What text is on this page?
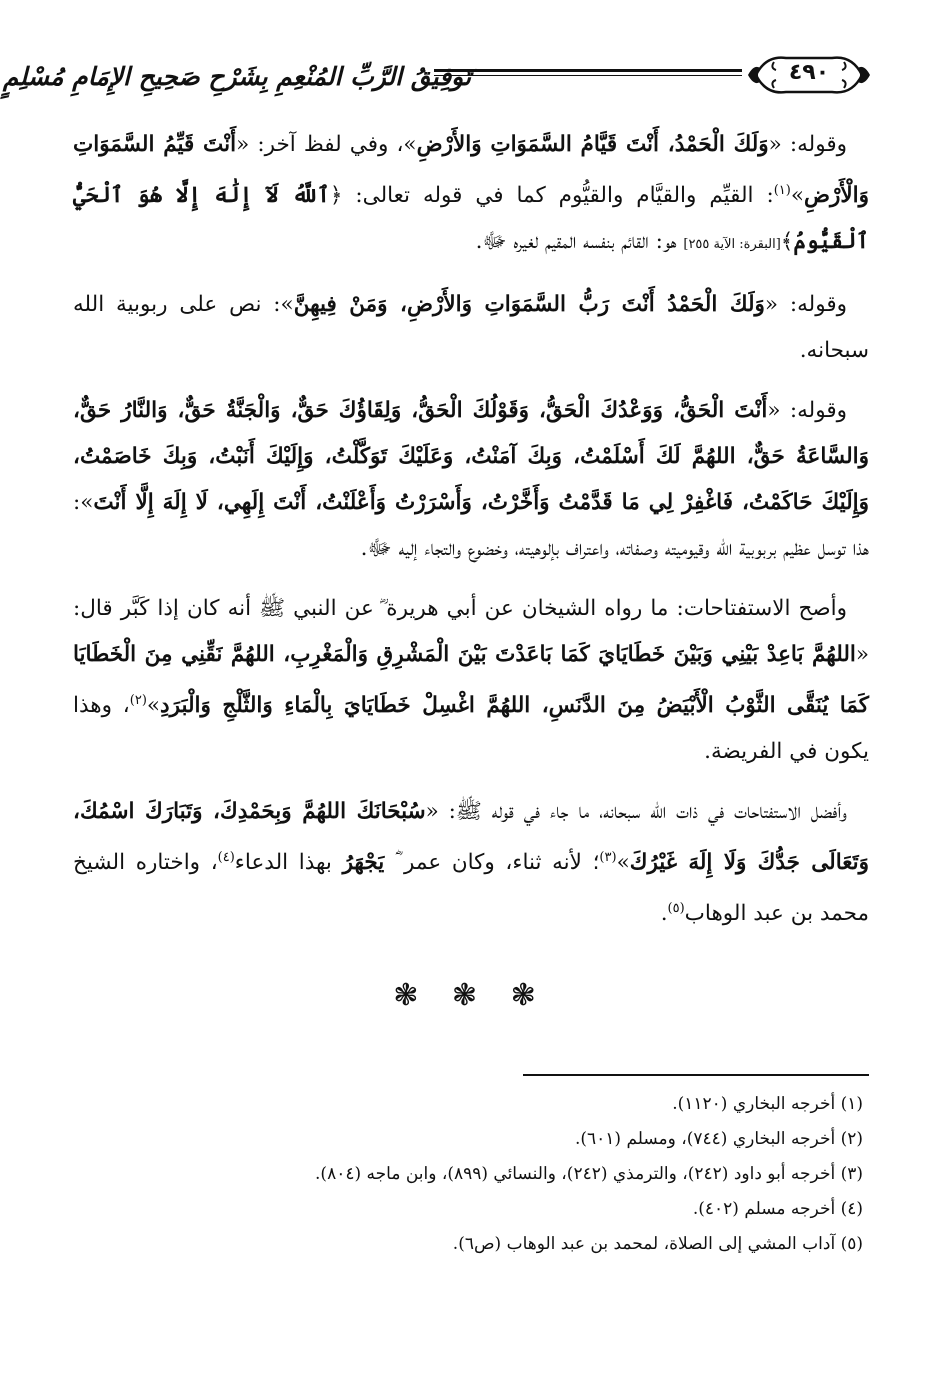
٤٩٠
تَوفِيقُ الرَّبِّ المُنْعِمِ بِشَرْحِ صَحِيحِ الإِمَامِ مُسْلِمٍ

وقوله: «وَلَكَ الْحَمْدُ، أَنْتَ قَيَّامُ السَّمَوَاتِ وَالأَرْضِ»، وفي لفظ آخر: «أَنْتَ قَيِّمُ السَّمَوَاتِ وَالْأَرْضِ»$^{(١)}$: القيِّم والقيَّام والقيُّوم كما في قوله تعالى: ﴿ٱللَّهُ لَآ إِلَٰهَ إِلَّا هُوَ ٱلْحَيُّ ٱلْقَيُّومُ﴾[البقرة: الآية ٢٥٥] هو: القائم بنفسه المقيم لغيره ﷻ.

وقوله: «وَلَكَ الْحَمْدُ أَنْتَ رَبُّ السَّمَوَاتِ وَالأَرْضِ، وَمَنْ فِيهِنَّ»: نص على ربوبية الله سبحانه.

وقوله: «أَنْتَ الْحَقُّ، وَوَعْدُكَ الْحَقُّ، وَقَوْلُكَ الْحَقُّ، وَلِقَاؤُكَ حَقٌّ، وَالْجَنَّةُ حَقٌّ، وَالنَّارُ حَقٌّ، وَالسَّاعَةُ حَقٌّ، اللهُمَّ لَكَ أَسْلَمْتُ، وَبِكَ آمَنْتُ، وَعَلَيْكَ تَوَكَّلْتُ، وَإِلَيْكَ أَنَبْتُ، وَبِكَ خَاصَمْتُ، وَإِلَيْكَ حَاكَمْتُ، فَاغْفِرْ لِي مَا قَدَّمْتُ وَأَخَّرْتُ، وَأَسْرَرْتُ وَأَعْلَنْتُ، أَنْتَ إِلَهِي، لَا إِلَهَ إِلَّا أَنْتَ»: هذا توسل عظيم بربوبية الله وقيوميته وصفاته، واعتراف بإلوهيته، وخضوع والتجاء إليه ﷻ.

وأصح الاستفتاحات: ما رواه الشيخان عن أبي هريرة ؓ عن النبي ﷺ أنه كان إذا كَبَّر قال: «اللهُمَّ بَاعِدْ بَيْنِي وَبَيْنَ خَطَايَايَ كَمَا بَاعَدْتَ بَيْنَ الْمَشْرِقِ وَالْمَغْرِبِ، اللهُمَّ نَقِّنِي مِنَ الْخَطَايَا كَمَا يُنَقَّى الثَّوْبُ الْأَبْيَضُ مِنَ الدَّنَسِ، اللهُمَّ اغْسِلْ خَطَايَايَ بِالْمَاءِ وَالثَّلْجِ وَالْبَرَدِ»$^{(٢)}$، وهذا يكون في الفريضة.

وأفضل الاستفتاحات في ذات الله سبحانه، ما جاء في قوله ﷺ: «سُبْحَانَكَ اللهُمَّ وَبِحَمْدِكَ، وَتَبَارَكَ اسْمُكَ، وَتَعَالَى جَدُّكَ وَلَا إِلَهَ غَيْرُكَ»$^{(٣)}$؛ لأنه ثناء، وكان عمر ؓ يَجْهَرُ بهذا الدعاء$^{(٤)}$، واختاره الشيخ محمد بن عبد الوهاب$^{(٥)}$.

❃ ❃ ❃
(١) أخرجه البخاري (١١٢٠).
(٢) أخرجه البخاري (٧٤٤)، ومسلم (٦٠١).
(٣) أخرجه أبو داود (٢٤٢)، والترمذي (٢٤٢)، والنسائي (٨٩٩)، وابن ماجه (٨٠٤).
(٤) أخرجه مسلم (٤٠٢).
(٥) آداب المشي إلى الصلاة، لمحمد بن عبد الوهاب (ص٦).
